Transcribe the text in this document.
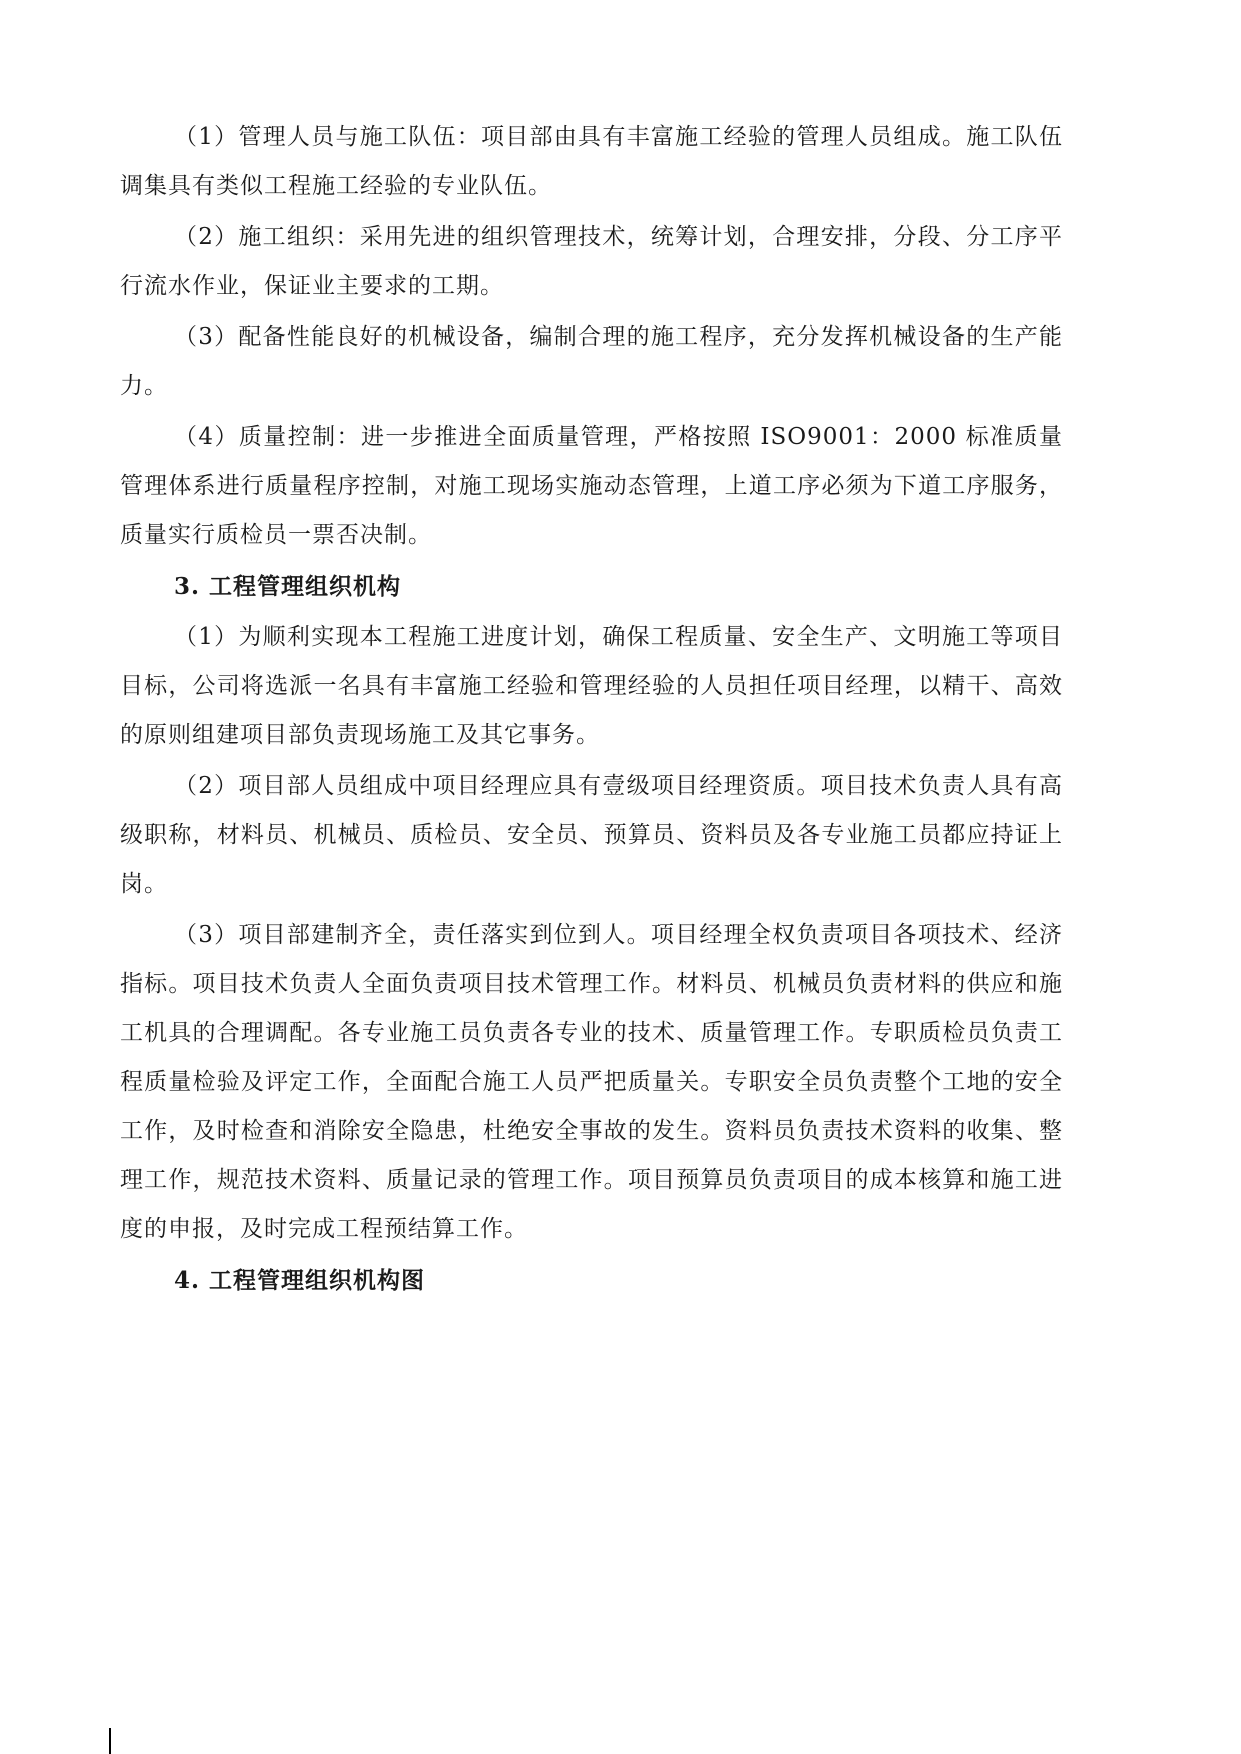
（1）管理人员与施工队伍：项目部由具有丰富施工经验的管理人员组成。施工队伍调集具有类似工程施工经验的专业队伍。

（2）施工组织：采用先进的组织管理技术，统筹计划，合理安排，分段、分工序平行流水作业，保证业主要求的工期。

（3）配备性能良好的机械设备，编制合理的施工程序，充分发挥机械设备的生产能力。

（4）质量控制：进一步推进全面质量管理，严格按照 ISO9001：2000 标准质量管理体系进行质量程序控制，对施工现场实施动态管理，上道工序必须为下道工序服务，质量实行质检员一票否决制。

3. 工程管理组织机构

（1）为顺利实现本工程施工进度计划，确保工程质量、安全生产、文明施工等项目目标，公司将选派一名具有丰富施工经验和管理经验的人员担任项目经理，以精干、高效的原则组建项目部负责现场施工及其它事务。

（2）项目部人员组成中项目经理应具有壹级项目经理资质。项目技术负责人具有高级职称，材料员、机械员、质检员、安全员、预算员、资料员及各专业施工员都应持证上岗。

（3）项目部建制齐全，责任落实到位到人。项目经理全权负责项目各项技术、经济指标。项目技术负责人全面负责项目技术管理工作。材料员、机械员负责材料的供应和施工机具的合理调配。各专业施工员负责各专业的技术、质量管理工作。专职质检员负责工程质量检验及评定工作，全面配合施工人员严把质量关。专职安全员负责整个工地的安全工作，及时检查和消除安全隐患，杜绝安全事故的发生。资料员负责技术资料的收集、整理工作，规范技术资料、质量记录的管理工作。项目预算员负责项目的成本核算和施工进度的申报，及时完成工程预结算工作。

4. 工程管理组织机构图
